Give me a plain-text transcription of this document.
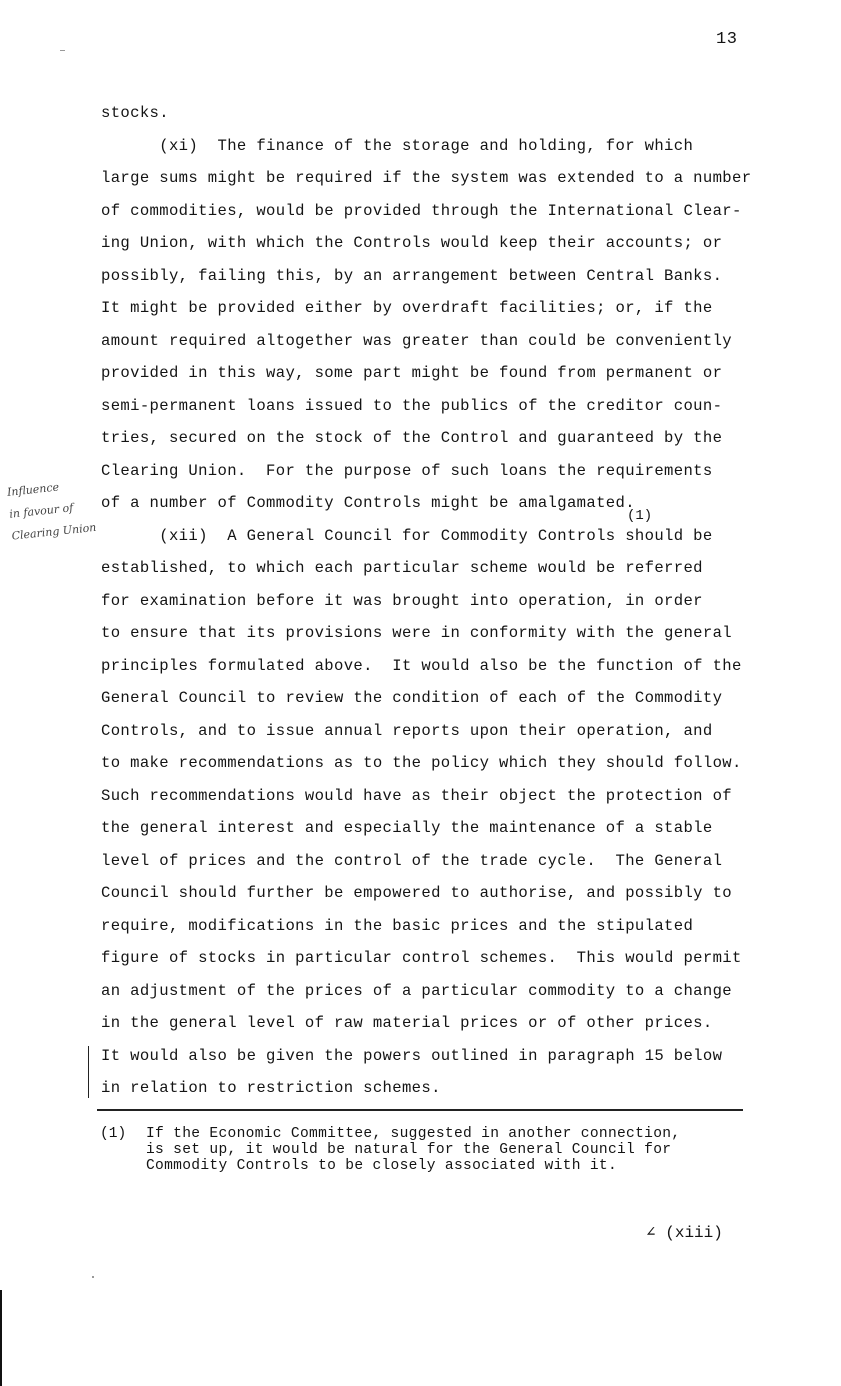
13
stocks.
(xi)  The finance of the storage and holding, for which
large sums might be required if the system was extended to a number
of commodities, would be provided through the International Clear-
ing Union, with which the Controls would keep their accounts; or
possibly, failing this, by an arrangement between Central Banks.
It might be provided either by overdraft facilities; or, if the
amount required altogether was greater than could be conveniently
provided in this way, some part might be found from permanent or
semi-permanent loans issued to the publics of the creditor coun-
tries, secured on the stock of the Control and guaranteed by the
Clearing Union.  For the purpose of such loans the requirements
of a number of Commodity Controls might be amalgamated.
(xii)  A General Council for Commodity Controls should be
established, to which each particular scheme would be referred
for examination before it was brought into operation, in order
to ensure that its provisions were in conformity with the general
principles formulated above.  It would also be the function of the
General Council to review the condition of each of the Commodity
Controls, and to issue annual reports upon their operation, and
to make recommendations as to the policy which they should follow.
Such recommendations would have as their object the protection of
the general interest and especially the maintenance of a stable
level of prices and the control of the trade cycle.  The General
Council should further be empowered to authorise, and possibly to
require, modifications in the basic prices and the stipulated
figure of stocks in particular control schemes.  This would permit
an adjustment of the prices of a particular commodity to a change
in the general level of raw material prices or of other prices.
It would also be given the powers outlined in paragraph 15 below
in relation to restriction schemes.
(1)
Influence
in favour of
Clearing Union
(1) If the Economic Committee, suggested in another connection,
is set up, it would be natural for the General Council for
Commodity Controls to be closely associated with it.
∠ (xiii)
